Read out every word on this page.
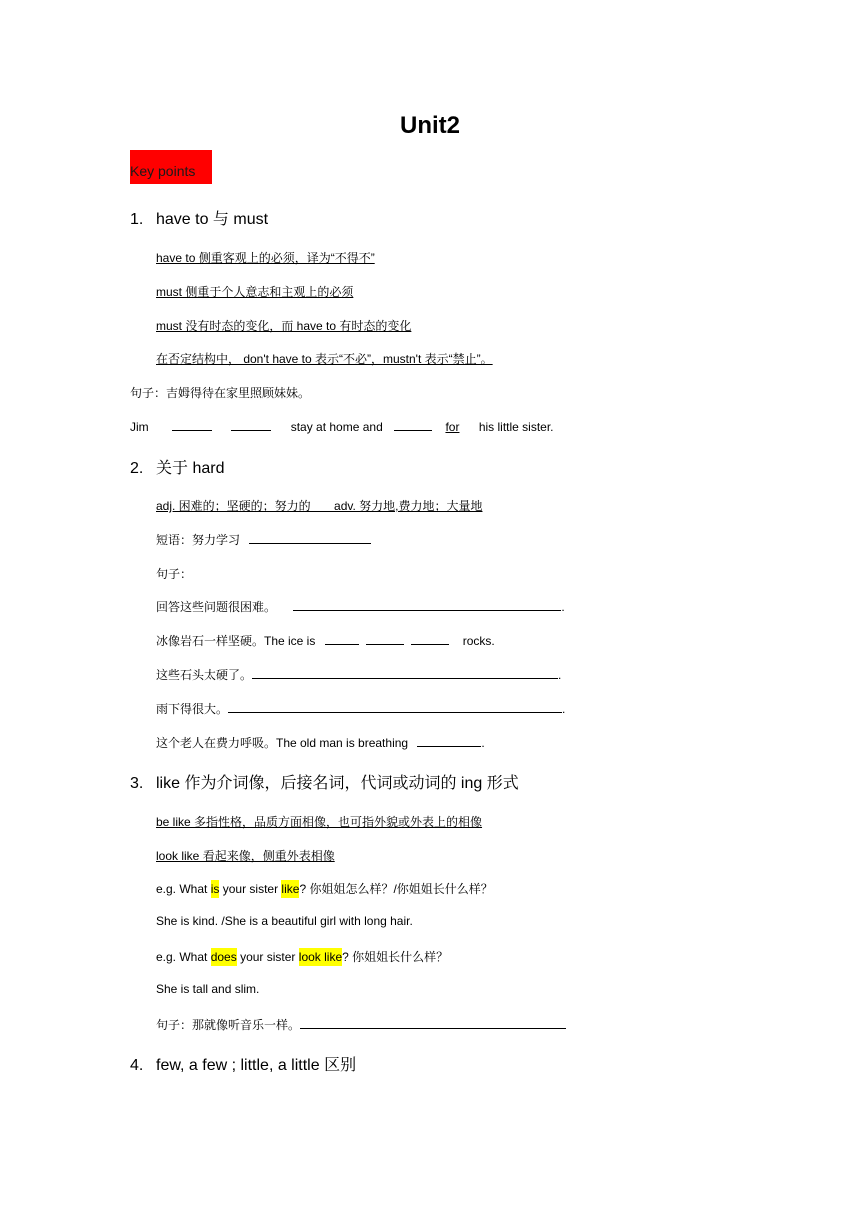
Unit2
Key points
1. have to 与 must
have to 侧重客观上的必须，译为“不得不”
must 侧重于个人意志和主观上的必须
must 没有时态的变化，而 have to 有时态的变化
在否定结构中， don't have to 表示“不必”，mustn't 表示“禁止”。
句子：吉姆得待在家里照顾妹妹。
Jim	stay at home and	for his little sister.
2. 关于 hard
adj. 困难的；坚硬的；努力的       adv. 努力地,费力地；大量地
短语：努力学习
句子：
回答这些问题很困难。	.
冰像岩石一样坚硬。The ice is	rocks.
这些石头太硬了。	.
雨下得很大。	.
这个老人在费力呼吸。The old man is breathing	.
3. like 作为介词像，后接名词，代词或动词的 ing 形式
be like 多指性格，品质方面相像，也可指外貌或外表上的相像
look like 看起来像，侧重外表相像
e.g. What is your sister like? 你姐姐怎么样？/你姐姐长什么样？
She is kind. /She is a beautiful girl with long hair.
e.g. What does your sister look like? 你姐姐长什么样？
She is tall and slim.
句子：那就像听音乐一样。
4. few, a few ; little, a little 区别
